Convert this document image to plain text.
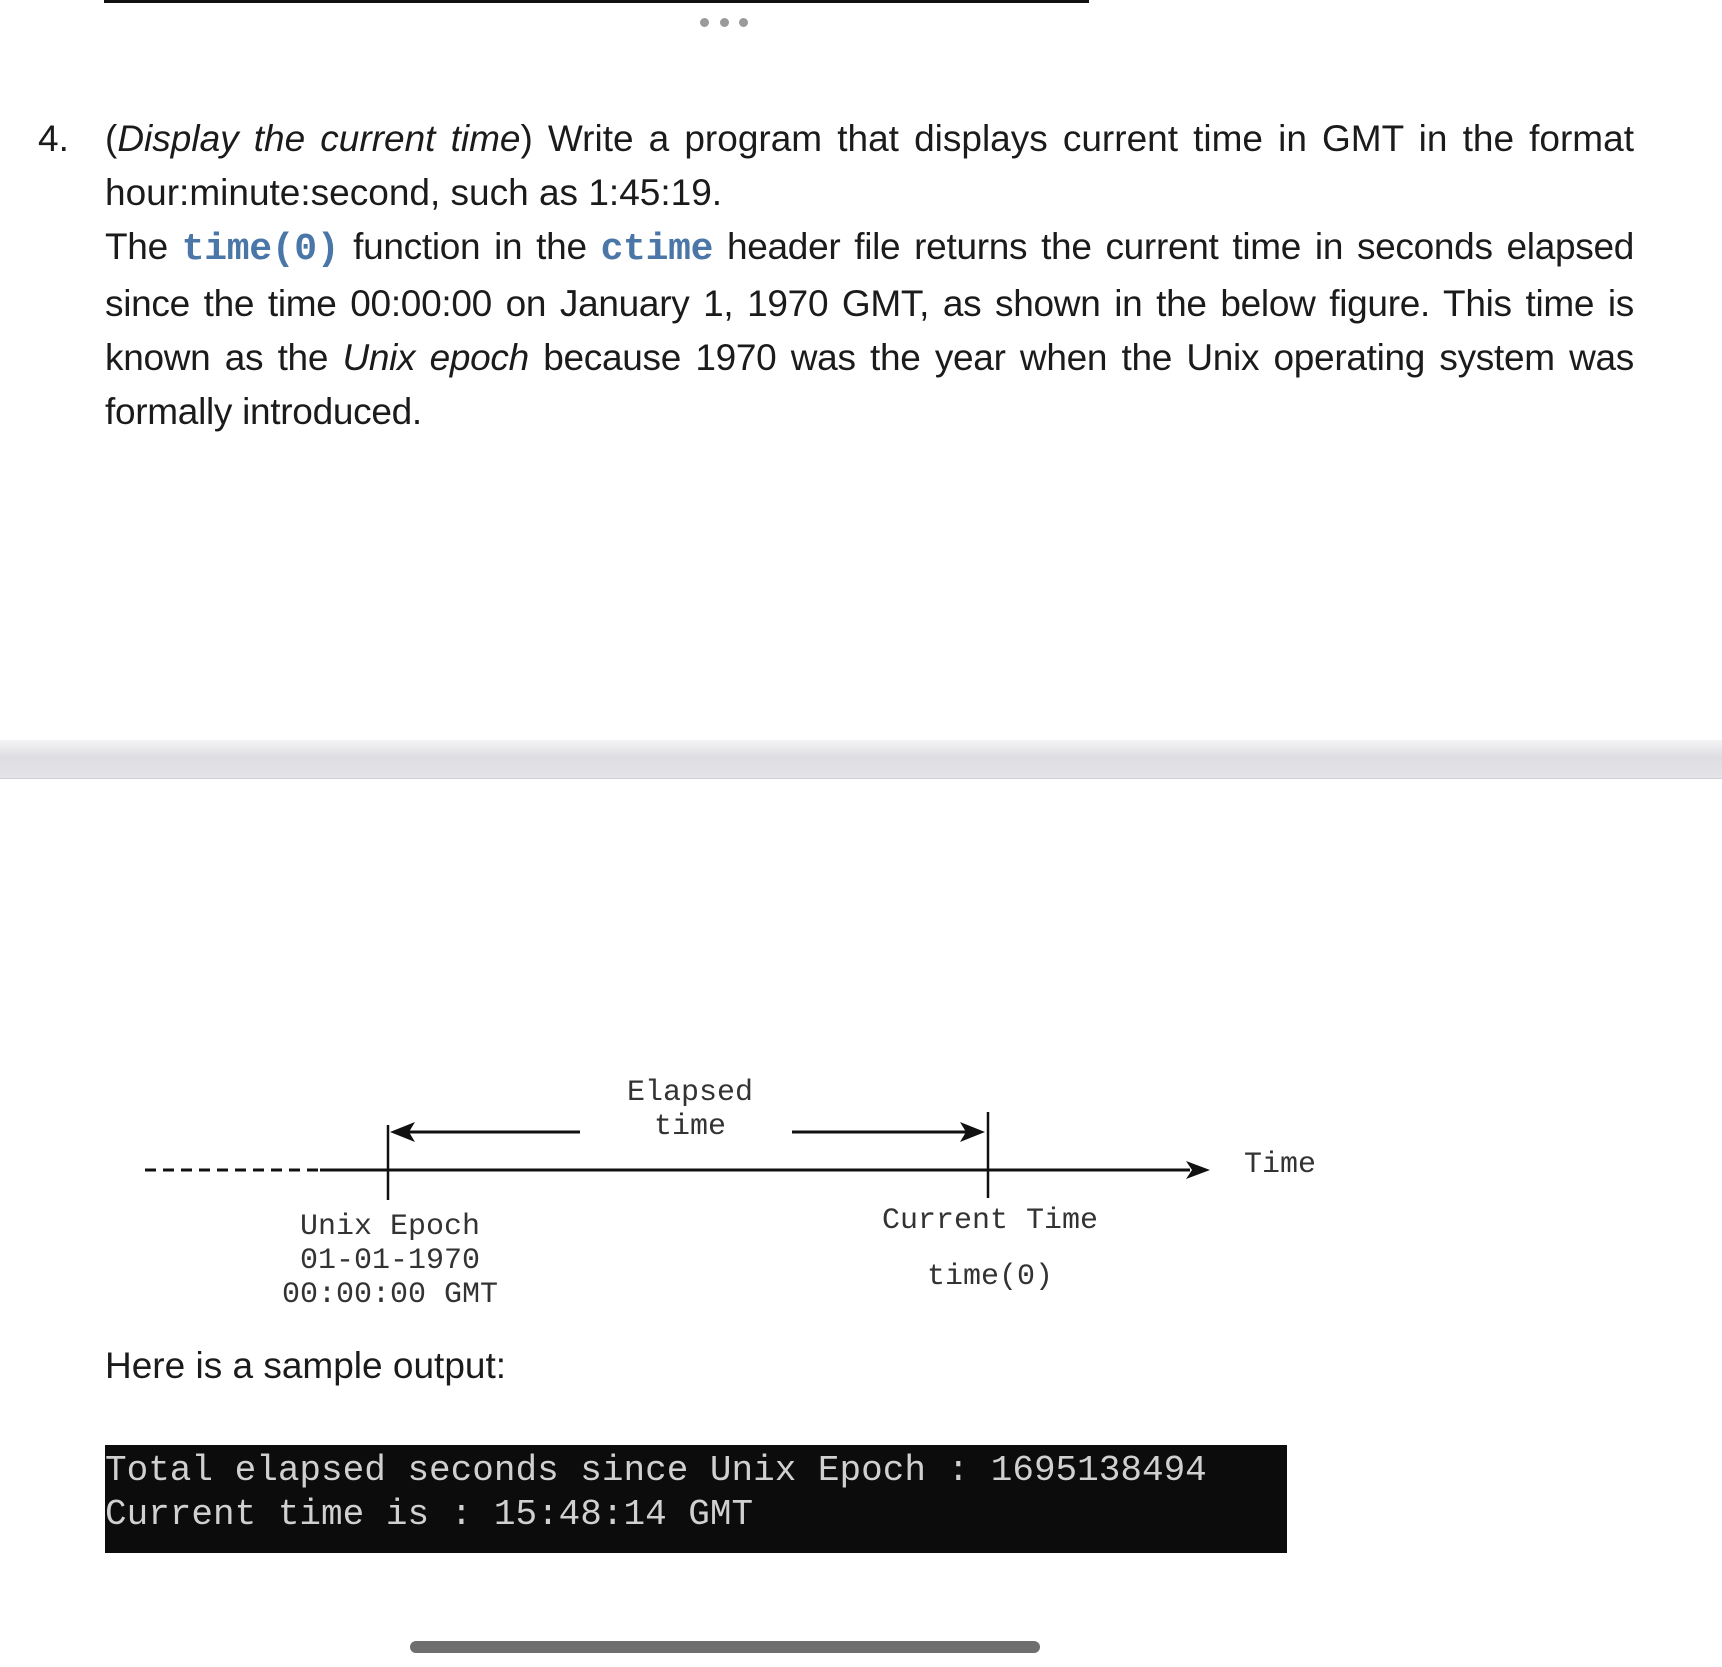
4. (Display the current time) Write a program that displays current time in GMT in the format hour:minute:second, such as 1:45:19.

The time(0) function in the ctime header file returns the current time in seconds elapsed since the time 00:00:00 on January 1, 1970 GMT, as shown in the below figure. This time is known as the Unix epoch because 1970 was the year when the Unix operating system was formally introduced.

Elapsed
time
Time
Unix Epoch
01-01-1970
00:00:00 GMT
Current Time
time(0)
Here is a sample output:
Total elapsed seconds since Unix Epoch : 1695138494
Current time is : 15:48:14 GMT
